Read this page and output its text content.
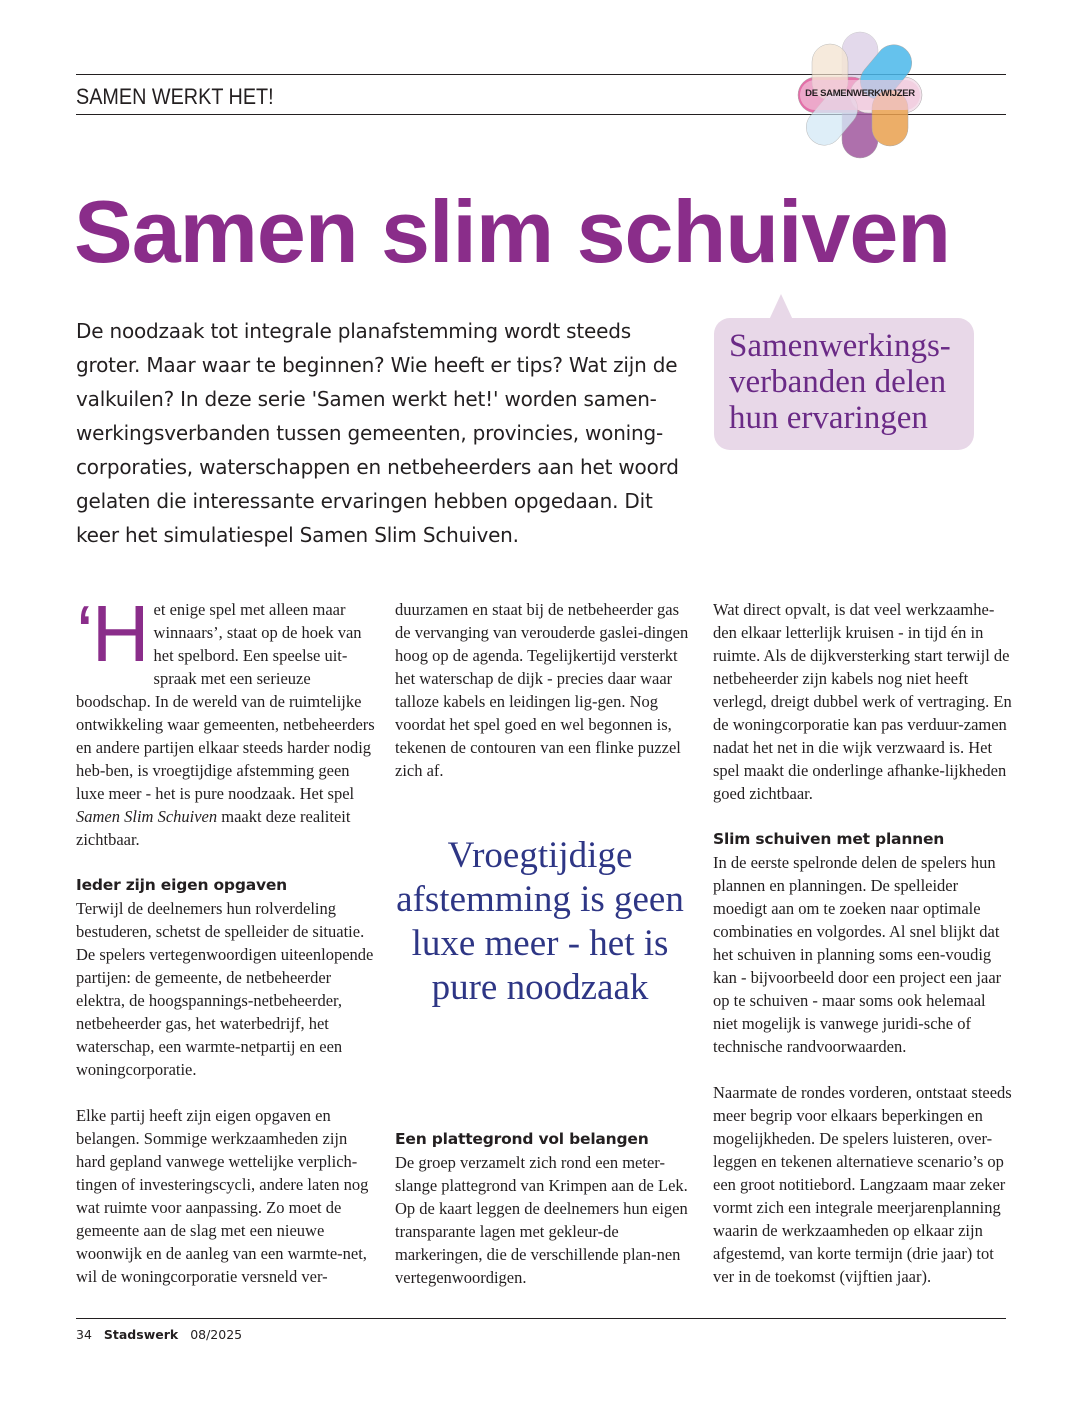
SAMEN WERKT HET!	DE SAMENWERKWIJZER
Samen slim schuiven

De noodzaak tot integrale planafstemming wordt steeds groter. Maar waar te beginnen? Wie heeft er tips? Wat zijn de valkuilen? In deze serie 'Samen werkt het!' worden samen-werkingsverbanden tussen gemeenten, provincies, woning-corporaties, waterschappen en netbeheerders aan het woord gelaten die interessante ervaringen hebben opgedaan. Dit keer het simulatiespel Samen Slim Schuiven.

Samenwerkings-verbanden delen hun ervaringen

‘Het enige spel met alleen maar winnaars’, staat op de hoek van het spelbord. Een speelse uit-spraak met een serieuze boodschap. In de wereld van de ruimtelijke ontwikkeling waar gemeenten, netbeheerders en andere partijen elkaar steeds harder nodig heb-ben, is vroegtijdige afstemming geen luxe meer - het is pure noodzaak. Het spel Samen Slim Schuiven maakt deze realiteit zichtbaar.

Ieder zijn eigen opgaven

Terwijl de deelnemers hun rolverdeling bestuderen, schetst de spelleider de situatie. De spelers vertegenwoordigen uiteenlopende partijen: de gemeente, de netbeheerder elektra, de hoogspannings-netbeheerder, netbeheerder gas, het waterbedrijf, het waterschap, een warmte-netpartij en een woningcorporatie.

Elke partij heeft zijn eigen opgaven en belangen. Sommige werkzaamheden zijn hard gepland vanwege wettelijke verplich-tingen of investeringscycli, andere laten nog wat ruimte voor aanpassing. Zo moet de gemeente aan de slag met een nieuwe woonwijk en de aanleg van een warmte-net, wil de woningcorporatie versneld ver-

duurzamen en staat bij de netbeheerder gas de vervanging van verouderde gaslei-dingen hoog op de agenda. Tegelijkertijd versterkt het waterschap de dijk - precies daar waar talloze kabels en leidingen lig-gen. Nog voordat het spel goed en wel begonnen is, tekenen de contouren van een flinke puzzel zich af.

Vroegtijdige afstemming is geen luxe meer - het is pure noodzaak

Een plattegrond vol belangen

De groep verzamelt zich rond een meter-slange plattegrond van Krimpen aan de Lek. Op de kaart leggen de deelnemers hun eigen transparante lagen met gekleur-de markeringen, die de verschillende plan-nen vertegenwoordigen.

Wat direct opvalt, is dat veel werkzaamhe-den elkaar letterlijk kruisen - in tijd én in ruimte. Als de dijkversterking start terwijl de netbeheerder zijn kabels nog niet heeft verlegd, dreigt dubbel werk of vertraging. En de woningcorporatie kan pas verduur-zamen nadat het net in die wijk verzwaard is. Het spel maakt die onderlinge afhanke-lijkheden goed zichtbaar.

Slim schuiven met plannen

In de eerste spelronde delen de spelers hun plannen en planningen. De spelleider moedigt aan om te zoeken naar optimale combinaties en volgordes. Al snel blijkt dat het schuiven in planning soms een-voudig kan - bijvoorbeeld door een project een jaar op te schuiven - maar soms ook helemaal niet mogelijk is vanwege juridi-sche of technische randvoorwaarden.

Naarmate de rondes vorderen, ontstaat steeds meer begrip voor elkaars beperkingen en mogelijkheden. De spelers luisteren, over-leggen en tekenen alternatieve scenario’s op een groot notitiebord. Langzaam maar zeker vormt zich een integrale meerjarenplanning waarin de werkzaamheden op elkaar zijn afgestemd, van korte termijn (drie jaar) tot ver in de toekomst (vijftien jaar).

34 Stadswerk 08/2025
